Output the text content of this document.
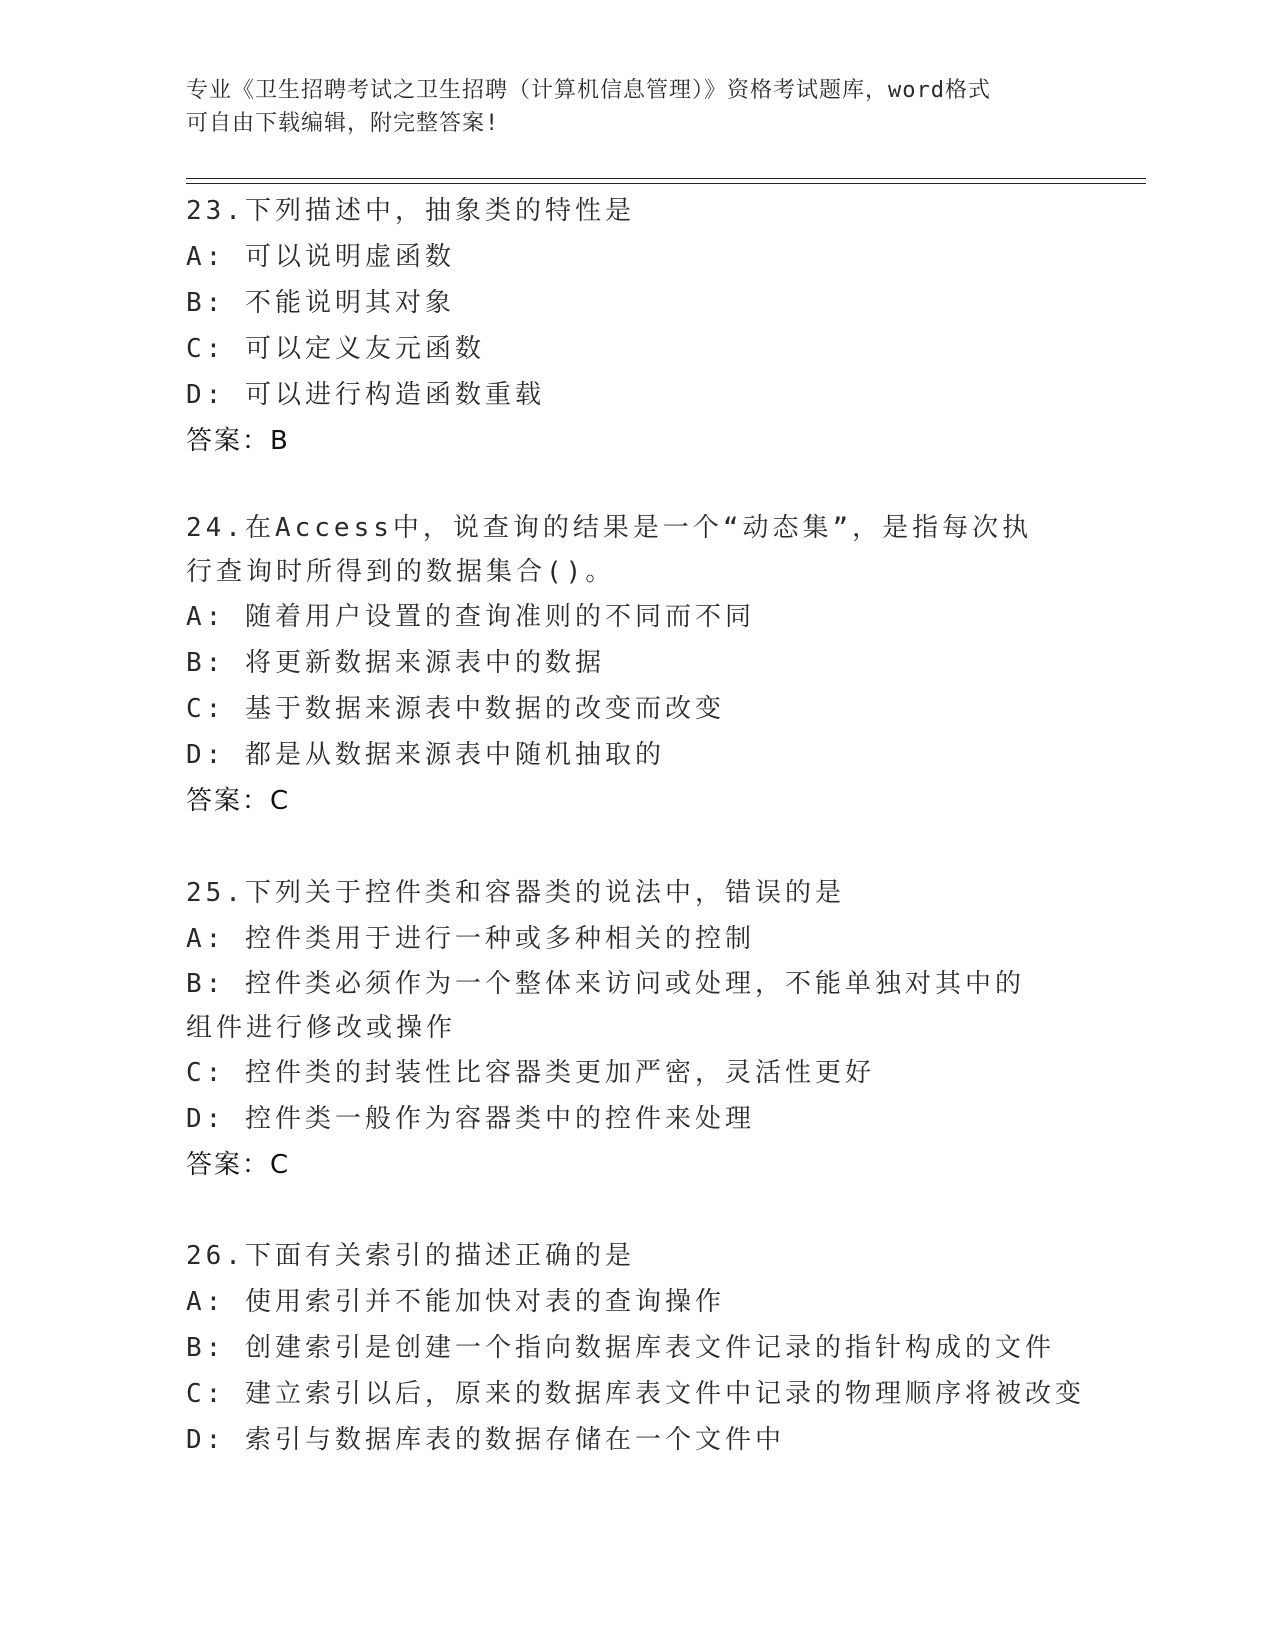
专业《卫生招聘考试之卫生招聘（计算机信息管理）》资格考试题库，word格式
可自由下载编辑，附完整答案!
23.下列描述中，抽象类的特性是
A: 可以说明虚函数
B: 不能说明其对象
C: 可以定义友元函数
D: 可以进行构造函数重载
答案：B
24.在Access中，说查询的结果是一个“动态集”，是指每次执行查询时所得到的数据集合()。
A: 随着用户设置的查询准则的不同而不同
B: 将更新数据来源表中的数据
C: 基于数据来源表中数据的改变而改变
D: 都是从数据来源表中随机抽取的
答案：C
25.下列关于控件类和容器类的说法中，错误的是
A: 控件类用于进行一种或多种相关的控制
B: 控件类必须作为一个整体来访问或处理，不能单独对其中的组件进行修改或操作
C: 控件类的封装性比容器类更加严密，灵活性更好
D: 控件类一般作为容器类中的控件来处理
答案：C
26.下面有关索引的描述正确的是
A: 使用索引并不能加快对表的查询操作
B: 创建索引是创建一个指向数据库表文件记录的指针构成的文件
C: 建立索引以后，原来的数据库表文件中记录的物理顺序将被改变
D: 索引与数据库表的数据存储在一个文件中
